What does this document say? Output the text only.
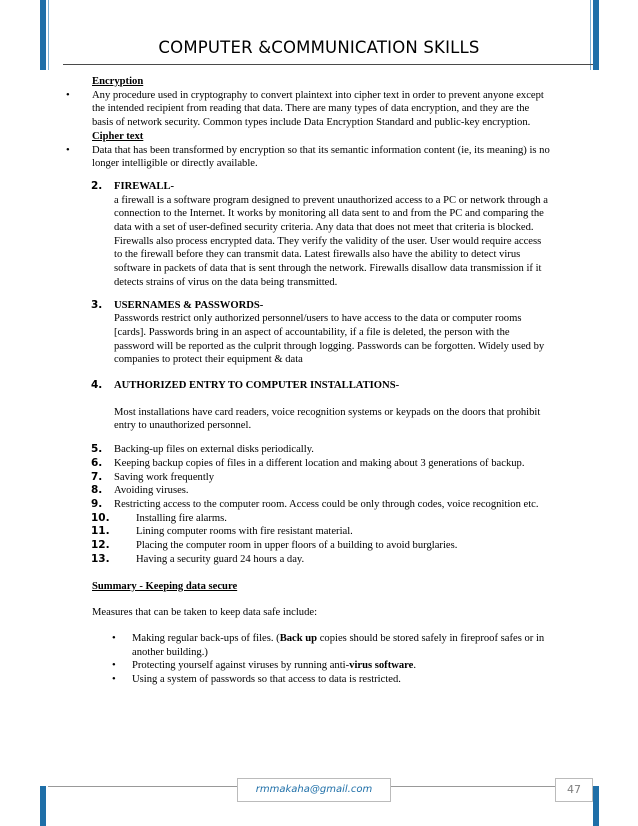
COMPUTER &COMMUNICATION SKILLS

Encryption

• Any procedure used in cryptography to convert plaintext into cipher text in order to prevent anyone except the intended recipient from reading that data. There are many types of data encryption, and they are the basis of network security. Common types include Data Encryption Standard and public-key encryption.

Cipher text

• Data that has been transformed by encryption so that its semantic information content (ie, its meaning) is no longer intelligible or directly available.

2. FIREWALL-

a firewall is a software program designed to prevent unauthorized access to a PC or network through a connection to the Internet. It works by monitoring all data sent to and from the PC and comparing the data with a set of user-defined security criteria. Any data that does not meet that criteria is blocked. Firewalls also process encrypted data. They verify the validity of the user. User would require access to the firewall before they can transmit data. Latest firewalls also have the ability to detect virus software in packets of data that is sent through the network. Firewalls disallow data transmission if it detects strains of virus on the data being transmitted.

3. USERNAMES & PASSWORDS-

Passwords restrict only authorized personnel/users to have access to the data or computer rooms [cards]. Passwords bring in an aspect of accountability, if a file is deleted, the person with the password will be reported as the culprit through logging. Passwords can be forgotten. Widely used by companies to protect their equipment & data

4. AUTHORIZED ENTRY TO COMPUTER INSTALLATIONS-

Most installations have card readers, voice recognition systems or keypads on the doors that prohibit entry to unauthorized personnel.

5.	Backing-up files on external disks periodically.
6.	Keeping backup copies of files in a different location and making about 3 generations of backup.
7.	Saving work frequently
8.	Avoiding viruses.
9.	Restricting access to the computer room. Access could be only through codes, voice recognition etc.
10.	Installing fire alarms.
11.	Lining computer rooms with fire resistant material.
12.	Placing the computer room in upper floors of a building to avoid burglaries.
13.	Having a security guard 24 hours a day.

Summary - Keeping data secure

Measures that can be taken to keep data safe include:

• Making regular back-ups of files. (Back up copies should be stored safely in fireproof safes or in another building.)
• Protecting yourself against viruses by running anti-virus software.
• Using a system of passwords so that access to data is restricted.
rmmakaha@gmail.com	47
